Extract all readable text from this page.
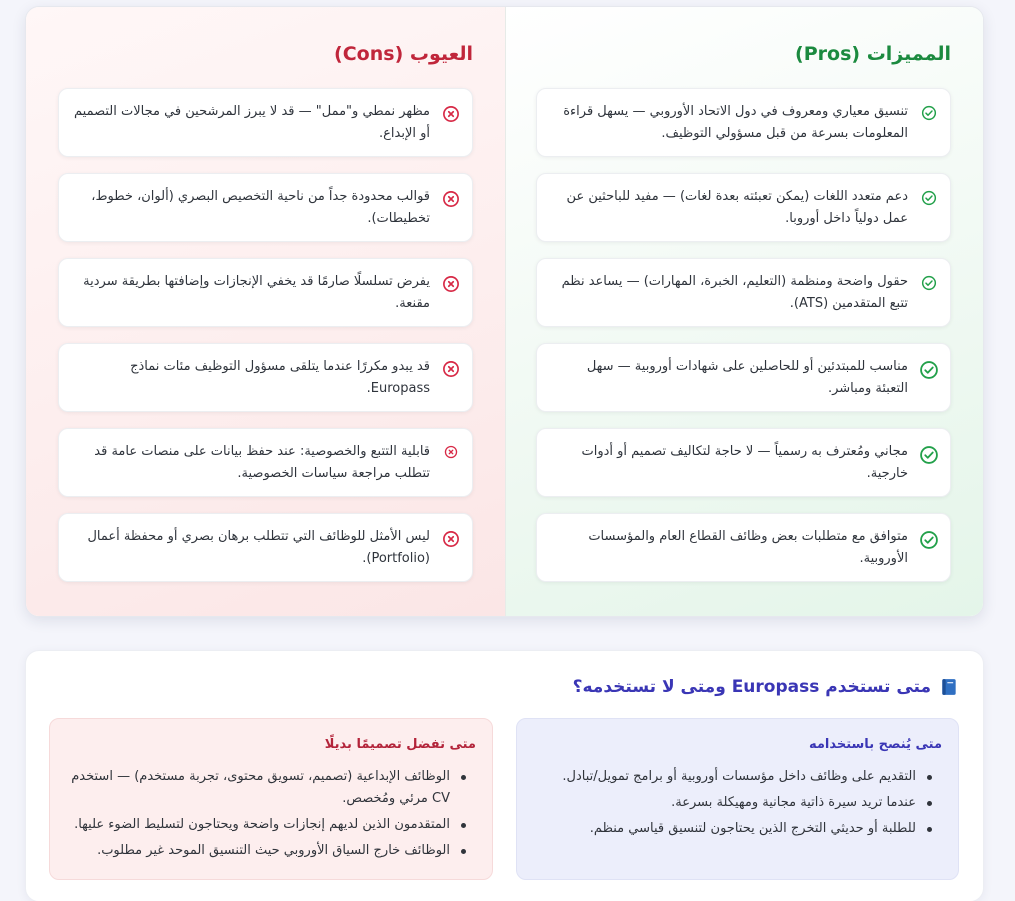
المميزات (Pros)
تنسيق معياري ومعروف في دول الاتحاد الأوروبي — يسهل قراءة المعلومات بسرعة من قبل مسؤولي التوظيف.
دعم متعدد اللغات (يمكن تعبئته بعدة لغات) — مفيد للباحثين عن عمل دولياً داخل أوروبا.
حقول واضحة ومنظمة (التعليم، الخبرة، المهارات) — يساعد نظم تتبع المتقدمين (ATS).
مناسب للمبتدئين أو للحاصلين على شهادات أوروبية — سهل التعبئة ومباشر.
مجاني ومُعترف به رسمياً — لا حاجة لتكاليف تصميم أو أدوات خارجية.
متوافق مع متطلبات بعض وظائف القطاع العام والمؤسسات الأوروبية.
العيوب (Cons)
مظهر نمطي و"ممل" — قد لا يبرز المرشحين في مجالات التصميم أو الإبداع.
قوالب محدودة جداً من ناحية التخصيص البصري (ألوان، خطوط، تخطيطات).
يفرض تسلسلًا صارمًا قد يخفي الإنجازات وإضافتها بطريقة سردية مقنعة.
قد يبدو مكررًا عندما يتلقى مسؤول التوظيف مئات نماذج Europass.
قابلية التتبع والخصوصية: عند حفظ بيانات على منصات عامة قد تتطلب مراجعة سياسات الخصوصية.
ليس الأمثل للوظائف التي تتطلب برهان بصري أو محفظة أعمال (Portfolio).
متى تستخدم Europass ومتى لا تستخدمه؟
متى يُنصح باستخدامه
التقديم على وظائف داخل مؤسسات أوروبية أو برامج تمويل/تبادل.
عندما تريد سيرة ذاتية مجانية ومهيكلة بسرعة.
للطلبة أو حديثي التخرج الذين يحتاجون لتنسيق قياسي منظم.
متى تفضل تصميمًا بديلًا
الوظائف الإبداعية (تصميم، تسويق محتوى، تجربة مستخدم) — استخدم CV مرئي ومُخصص.
المتقدمون الذين لديهم إنجازات واضحة ويحتاجون لتسليط الضوء عليها.
الوظائف خارج السياق الأوروبي حيث التنسيق الموحد غير مطلوب.
